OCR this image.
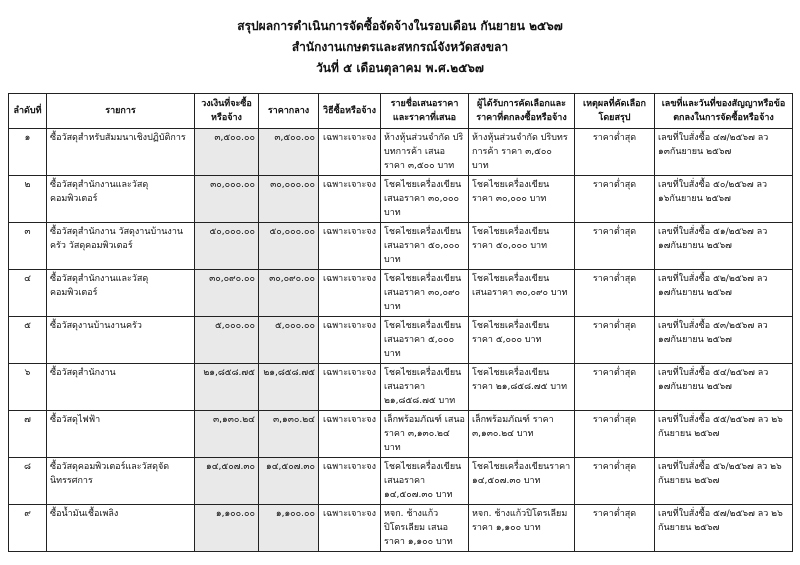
สรุปผลการดำเนินการจัดซื้อจัดจ้างในรอบเดือน กันยายน ๒๕๖๗
สำนักงานเกษตรและสหกรณ์จังหวัดสงขลา
วันที่ ๕ เดือนตุลาคม พ.ศ.๒๕๖๗
ลำดับที่	รายการ	วงเงินที่จะซื้อหรือจ้าง	ราคากลาง	วิธีซื้อหรือจ้าง	รายชื่อเสนอราคาและราคาที่เสนอ	ผู้ได้รับการคัดเลือกและราคาที่ตกลงซื้อหรือจ้าง	เหตุผลที่คัดเลือกโดยสรุป	เลขที่และวันที่ของสัญญาหรือข้อตกลงในการจัดซื้อหรือจ้าง
๑	ซื้อวัสดุสำหรับสัมมนาเชิงปฏิบัติการ	๓,๕๐๐.๐๐	๓,๕๐๐.๐๐	เฉพาะเจาะจง	ห้างหุ้นส่วนจำกัด ปริบทการค้า เสนอราคา ๓,๕๐๐ บาท	ห้างหุ้นส่วนจำกัด ปริบทรการค้า ราคา ๓,๕๐๐ บาท	ราคาต่ำสุด	เลขที่ใบสั่งซื้อ ๔๗/๒๕๖๗ ลว ๑๓กันยายน ๒๕๖๗
๒	ซื้อวัสดุสำนักงานและวัสดุคอมพิวเตอร์	๓๐,๐๐๐.๐๐	๓๐,๐๐๐.๐๐	เฉพาะเจาะจง	โชคไชยเครื่องเขียน เสนอราคา ๓๐,๐๐๐ บาท	โชคไชยเครื่องเขียน ราคา ๓๐,๐๐๐ บาท	ราคาต่ำสุด	เลขที่ใบสั่งซื้อ ๕๐/๒๕๖๗ ลว ๑๖กันยายน ๒๕๖๗
๓	ซื้อวัสดุสำนักงาน วัสดุงานบ้านงานครัว วัสดุคอมพิวเตอร์	๕๐,๐๐๐.๐๐	๕๐,๐๐๐.๐๐	เฉพาะเจาะจง	โชคไชยเครื่องเขียน เสนอราคา ๕๐,๐๐๐ บาท	โชคไชยเครื่องเขียน ราคา ๕๐,๐๐๐ บาท	ราคาต่ำสุด	เลขที่ใบสั่งซื้อ ๕๑/๒๕๖๗ ลว ๑๗กันยายน ๒๕๖๗
๔	ซื้อวัสดุสำนักงานและวัสดุคอมพิวเตอร์	๓๐,๐๙๐.๐๐	๓๐,๐๙๐.๐๐	เฉพาะเจาะจง	โชคไชยเครื่องเขียน เสนอราคา ๓๐,๐๙๐ บาท	โชคไชยเครื่องเขียน เสนอราคา ๓๐,๐๙๐ บาท	ราคาต่ำสุด	เลขที่ใบสั่งซื้อ ๕๒/๒๕๖๗ ลว ๑๗กันยายน ๒๕๖๗
๕	ซื้อวัสดุงานบ้านงานครัว	๕,๐๐๐.๐๐	๕,๐๐๐.๐๐	เฉพาะเจาะจง	โชคไชยเครื่องเขียน เสนอราคา ๕,๐๐๐ บาท	โชคไชยเครื่องเขียน ราคา ๕,๐๐๐ บาท	ราคาต่ำสุด	เลขที่ใบสั่งซื้อ ๕๓/๒๕๖๗ ลว ๑๗กันยายน ๒๕๖๗
๖	ซื้อวัสดุสำนักงาน	๒๑,๘๕๘.๗๕	๒๑,๘๕๘.๗๕	เฉพาะเจาะจง	โชคไชยเครื่องเขียน เสนอราคา ๒๑,๘๕๘.๗๕ บาท	โชคไชยเครื่องเขียน ราคา ๒๑,๘๕๘.๗๕ บาท	ราคาต่ำสุด	เลขที่ใบสั่งซื้อ ๕๔/๒๕๖๗ ลว ๑๗กันยายน ๒๕๖๗
๗	ซื้อวัสดุไฟฟ้า	๓,๑๓๐.๒๔	๓,๑๓๐.๒๔	เฉพาะเจาะจง	เล็กพร้อมภัณฑ์ เสนอราคา ๓,๑๓๐.๒๔ บาท	เล็กพร้อมภัณฑ์ ราคา ๓,๑๓๐.๒๔ บาท	ราคาต่ำสุด	เลขที่ใบสั่งซื้อ ๕๕/๒๕๖๗ ลว ๒๖ กันยายน ๒๕๖๗
๘	ซื้อวัสดุคอมพิวเตอร์และวัสดุจัดนิทรรศการ	๑๔,๕๐๗.๓๐	๑๔,๕๐๗.๓๐	เฉพาะเจาะจง	โชคไชยเครื่องเขียน เสนอราคา ๑๔,๕๐๗.๓๐ บาท	โชคไชยเครื่องเขียนราคา ๑๔,๕๐๗.๓๐ บาท	ราคาต่ำสุด	เลขที่ใบสั่งซื้อ ๕๖/๒๕๖๗ ลว ๒๖ กันยายน ๒๕๖๗
๙	ซื้อน้ำมันเชื้อเพลิง	๑,๑๐๐.๐๐	๑,๑๐๐.๐๐	เฉพาะเจาะจง	หจก. ช้างแก้วปิโตรเลียม เสนอราคา ๑,๑๐๐ บาท	หจก. ช้างแก้วปิโตรเลียม ราคา ๑,๑๐๐ บาท	ราคาต่ำสุด	เลขที่ใบสั่งซื้อ ๕๗/๒๕๖๗ ลว ๒๖ กันยายน ๒๕๖๗
